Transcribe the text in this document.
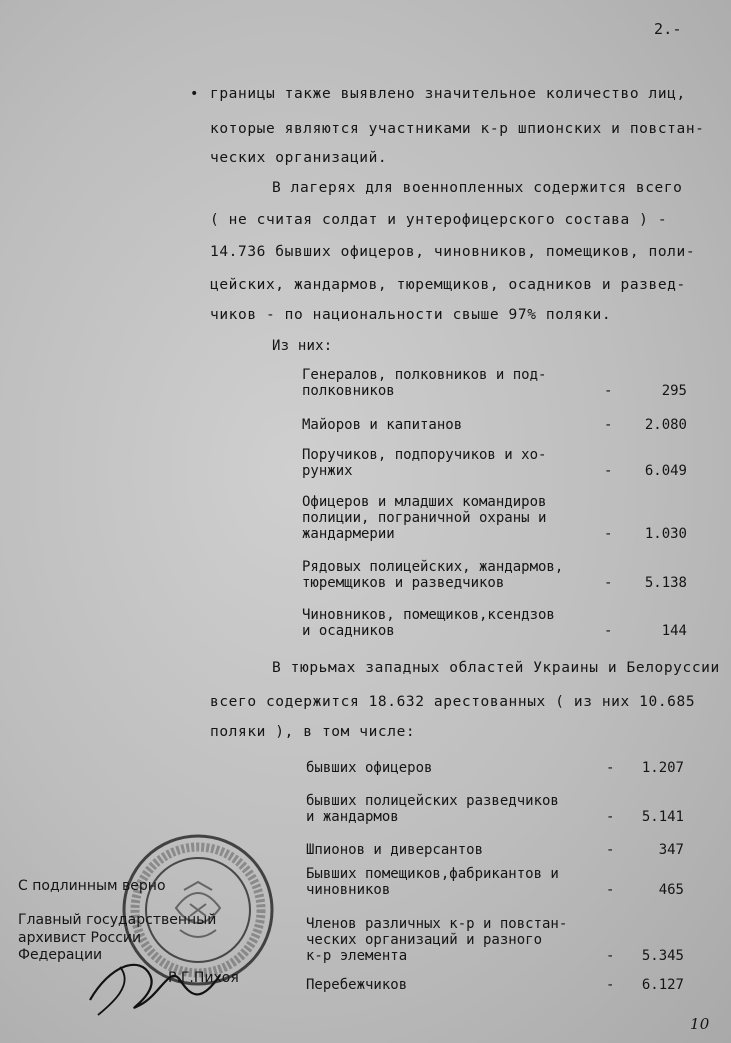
2.-
• границы также выявлено значительное количество лиц,
которые являются участниками к-р шпионских и повстан-
ческих организаций.
В лагерях для военнопленных содержится всего
( не считая солдат и унтерофицерского состава ) -
14.736 бывших офицеров, чиновников, помещиков, поли-
цейских, жандармов, тюремщиков, осадников и развед-
чиков - по национальности свыше 97% поляки.
Из них:
Генералов, полковников и под-
полковников	-	295
Майоров и капитанов	- 2.080
Поручиков, подпоручиков и хо-
рунжих	- 6.049
Офицеров и младших командиров
полиции, пограничной охраны и
жандармерии	- 1.030
Рядовых полицейских, жандармов,
тюремщиков и разведчиков	- 5.138
Чиновников, помещиков,ксендзов
и осадников	-	144
В тюрьмах западных областей Украины и Белоруссии
всего содержится 18.632 арестованных ( из них 10.685
поляки ), в том числе:
бывших офицеров	- 1.207
бывших полицейских разведчиков
и жандармов	- 5.141
Шпионов и диверсантов	-	347
Бывших помещиков,фабрикантов и
чиновников	-	465
Членов различных к-р и повстан-
ческих организаций и разного
к-р элемента	- 5.345
Перебежчиков	- 6.127
С подлинным верно
Главный государственный
архивист России
Федерации
Р.Г.Пихоя
10
